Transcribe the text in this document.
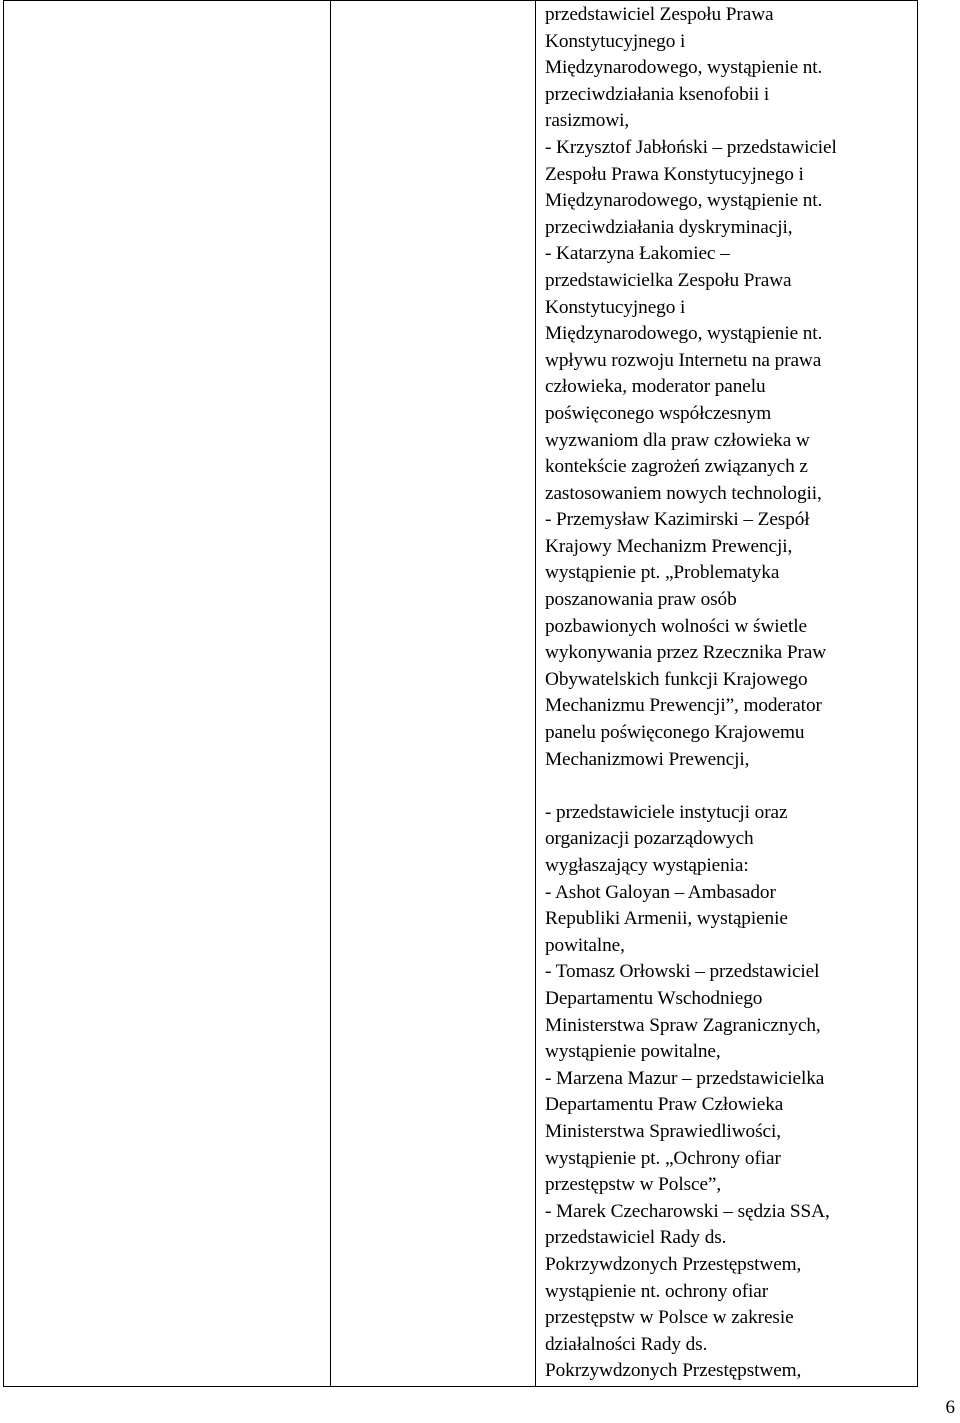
przedstawiciel Zespołu Prawa
Konstytucyjnego i
Międzynarodowego, wystąpienie nt.
przeciwdziałania ksenofobii i
rasizmowi,
- Krzysztof Jabłoński – przedstawiciel
Zespołu Prawa Konstytucyjnego i
Międzynarodowego, wystąpienie nt.
przeciwdziałania dyskryminacji,
- Katarzyna Łakomiec –
przedstawicielka Zespołu Prawa
Konstytucyjnego i
Międzynarodowego, wystąpienie nt.
wpływu rozwoju Internetu na prawa
człowieka, moderator panelu
poświęconego współczesnym
wyzwaniom dla praw człowieka w
kontekście zagrożeń związanych z
zastosowaniem nowych technologii,
- Przemysław Kazimirski – Zespół
Krajowy Mechanizm Prewencji,
wystąpienie pt. „Problematyka
poszanowania praw osób
pozbawionych wolności w świetle
wykonywania przez Rzecznika Praw
Obywatelskich funkcji Krajowego
Mechanizmu Prewencji”, moderator
panelu poświęconego Krajowemu
Mechanizmowi Prewencji,
- przedstawiciele instytucji oraz
organizacji pozarządowych
wygłaszający wystąpienia:
- Ashot Galoyan – Ambasador
Republiki Armenii, wystąpienie
powitalne,
- Tomasz Orłowski – przedstawiciel
Departamentu Wschodniego
Ministerstwa Spraw Zagranicznych,
wystąpienie powitalne,
- Marzena Mazur – przedstawicielka
Departamentu Praw Człowieka
Ministerstwa Sprawiedliwości,
wystąpienie pt. „Ochrony ofiar
przestępstw w Polsce”,
- Marek Czecharowski – sędzia SSA,
przedstawiciel Rady ds.
Pokrzywdzonych Przestępstwem,
wystąpienie nt. ochrony ofiar
przestępstw w Polsce w zakresie
działalności Rady ds.
Pokrzywdzonych Przestępstwem,
6
